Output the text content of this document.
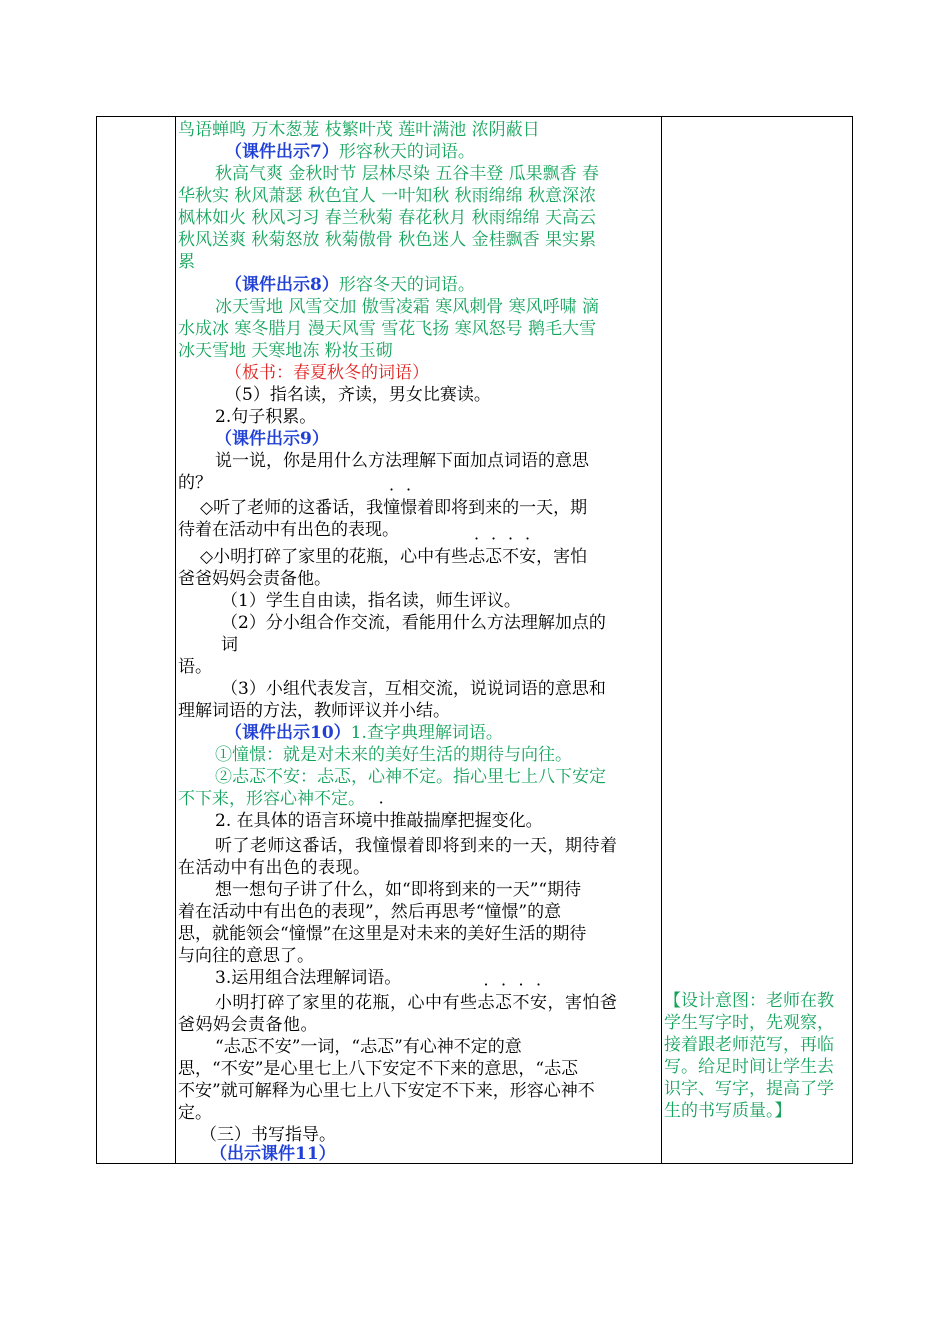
鸟语蝉鸣 万木葱茏 枝繁叶茂 莲叶满池 浓阴蔽日
（课件出示7）形容秋天的词语。
秋高气爽 金秋时节 层林尽染 五谷丰登 瓜果飘香 春
华秋实 秋风萧瑟 秋色宜人 一叶知秋 秋雨绵绵 秋意深浓
枫林如火 秋风习习 春兰秋菊 春花秋月 秋雨绵绵 天高云
秋风送爽 秋菊怒放 秋菊傲骨 秋色迷人 金桂飘香 果实累
累
（课件出示8）形容冬天的词语。
冰天雪地 风雪交加 傲雪凌霜 寒风刺骨 寒风呼啸 滴
水成冰 寒冬腊月 漫天风雪 雪花飞扬 寒风怒号 鹅毛大雪
冰天雪地 天寒地冻 粉妆玉砌
（板书：春夏秋冬的词语）
（5）指名读，齐读，男女比赛读。
2.句子积累。
（课件出示9）
说一说，你是用什么方法理解下面加点词语的意思
的？
◇听了老师的这番话，我憧憬着即将到来的一天，期
待着在活动中有出色的表现。
◇小明打碎了家里的花瓶，心中有些忐忑不安，害怕
爸爸妈妈会责备他。
（1）学生自由读，指名读，师生评议。
（2）分小组合作交流，看能用什么方法理解加点的
词
语。
（3）小组代表发言，互相交流，说说词语的意思和
理解词语的方法，教师评议并小结。
（课件出示10）1.查字典理解词语。
①憧憬：就是对未来的美好生活的期待与向往。
②忐忑不安：忐忑，心神不定。指心里七上八下安定
不下来，形容心神不定。
2. 在具体的语言环境中推敲揣摩把握变化。
听了老师这番话，我憧憬着即将到来的一天，期待着
在活动中有出色的表现。
想一想句子讲了什么，如“即将到来的一天”“期待
着在活动中有出色的表现”，然后再思考“憧憬”的意
思，就能领会“憧憬”在这里是对未来的美好生活的期待
与向往的意思了。
3.运用组合法理解词语。
小明打碎了家里的花瓶，心中有些忐忑不安，害怕爸
爸妈妈会责备他。
“忐忑不安”一词，“忐忑”有心神不定的意
思，“不安”是心里七上八下安定不下来的意思，“忐忑
不安”就可解释为心里七上八下安定不下来，形容心神不
定。
（三）书写指导。
（出示课件11）
【设计意图：老师在教
学生写字时，先观察，
接着跟老师范写，再临
写。给足时间让学生去
识字、写字，提高了学
生的书写质量。】
